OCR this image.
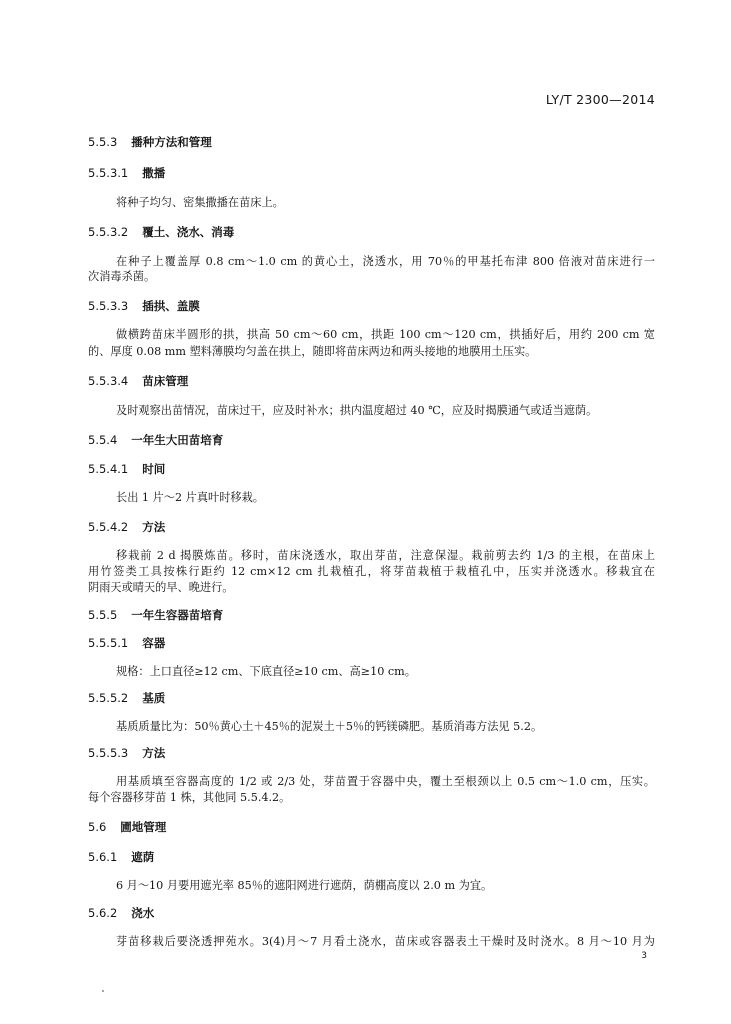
LY/T 2300—2014
5.5.3 播种方法和管理
5.5.3.1 撒播
将种子均匀、密集撒播在苗床上。
5.5.3.2 覆土、浇水、消毒
在种子上覆盖厚 0.8 cm～1.0 cm 的黄心土，浇透水，用 70％的甲基托布津 800 倍液对苗床进行一
次消毒杀菌。
5.5.3.3 插拱、盖膜
做横跨苗床半圆形的拱，拱高 50 cm～60 cm，拱距 100 cm～120 cm，拱插好后，用约 200 cm 宽
的、厚度 0.08 mm 塑料薄膜均匀盖在拱上，随即将苗床两边和两头接地的地膜用土压实。
5.5.3.4 苗床管理
及时观察出苗情况，苗床过干，应及时补水；拱内温度超过 40 ℃，应及时揭膜通气或适当遮荫。
5.5.4 一年生大田苗培育
5.5.4.1 时间
长出 1 片～2 片真叶时移栽。
5.5.4.2 方法
移栽前 2 d 揭膜炼苗。移时，苗床浇透水，取出芽苗，注意保湿。栽前剪去约 1/3 的主根，在苗床上
用竹签类工具按株行距约 12 cm×12 cm 扎栽植孔，将芽苗栽植于栽植孔中，压实并浇透水。移栽宜在
阴雨天或晴天的早、晚进行。
5.5.5 一年生容器苗培育
5.5.5.1 容器
规格：上口直径≥12 cm、下底直径≥10 cm、高≥10 cm。
5.5.5.2 基质
基质质量比为：50％黄心土＋45％的泥炭土＋5％的钙镁磷肥。基质消毒方法见 5.2。
5.5.5.3 方法
用基质填至容器高度的 1/2 或 2/3 处，芽苗置于容器中央，覆土至根颈以上 0.5 cm～1.0 cm，压实。
每个容器移芽苗 1 株，其他同 5.5.4.2。
5.6 圃地管理
5.6.1 遮荫
6 月～10 月要用遮光率 85％的遮阳网进行遮荫，荫棚高度以 2.0 m 为宜。
5.6.2 浇水
芽苗移栽后要浇透押苑水。3(4)月～7 月看土浇水，苗床或容器表土干燥时及时浇水。8 月～10 月为
3
